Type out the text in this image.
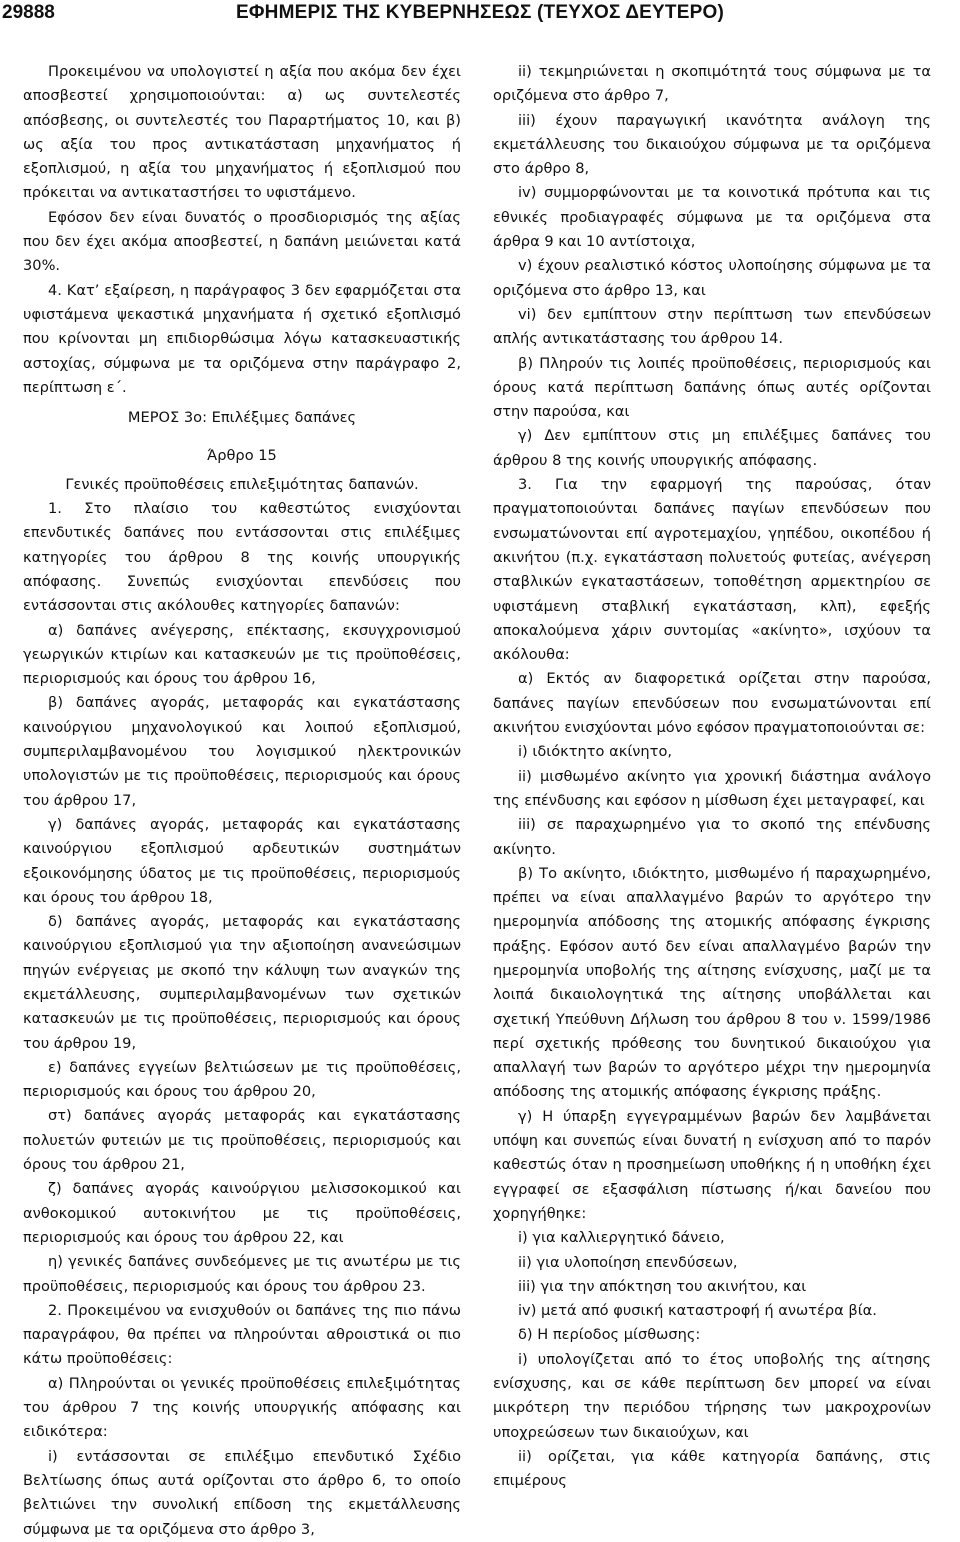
29888	ΕΦΗΜΕΡΙΣ ΤΗΣ ΚΥΒΕΡΝΗΣΕΩΣ (ΤΕΥΧΟΣ ΔΕΥΤΕΡΟ)

Προκειμένου να υπολογιστεί η αξία που ακόμα δεν έχει αποσβεστεί χρησιμοποιούνται: α) ως συντελεστές απόσβεσης, οι συντελεστές του Παραρτήματος 10, και β) ως αξία του προς αντικατάσταση μηχανήματος ή εξοπλισμού, η αξία του μηχανήματος ή εξοπλισμού που πρόκειται να αντικαταστήσει το υφιστάμενο.

Εφόσον δεν είναι δυνατός ο προσδιορισμός της αξίας που δεν έχει ακόμα αποσβεστεί, η δαπάνη μειώνεται κατά 30%.

4. Κατ’ εξαίρεση, η παράγραφος 3 δεν εφαρμόζεται στα υφιστάμενα ψεκαστικά μηχανήματα ή σχετικό εξοπλισμό που κρίνονται μη επιδιορθώσιμα λόγω κατασκευαστικής αστοχίας, σύμφωνα με τα οριζόμενα στην παράγραφο 2, περίπτωση ε΄.

ΜΕΡΟΣ 3ο: Επιλέξιμες δαπάνες

Άρθρο 15

Γενικές προϋποθέσεις επιλεξιμότητας δαπανών.

1. Στο πλαίσιο του καθεστώτος ενισχύονται επενδυτικές δαπάνες που εντάσσονται στις επιλέξιμες κατηγορίες του άρθρου 8 της κοινής υπουργικής απόφασης. Συνεπώς ενισχύονται επενδύσεις που εντάσσονται στις ακόλουθες κατηγορίες δαπανών:

α) δαπάνες ανέγερσης, επέκτασης, εκσυγχρονισμού γεωργικών κτιρίων και κατασκευών με τις προϋποθέσεις, περιορισμούς και όρους του άρθρου 16,

β) δαπάνες αγοράς, μεταφοράς και εγκατάστασης καινούργιου μηχανολογικού και λοιπού εξοπλισμού, συμπεριλαμβανομένου του λογισμικού ηλεκτρονικών υπολογιστών με τις προϋποθέσεις, περιορισμούς και όρους του άρθρου 17,

γ) δαπάνες αγοράς, μεταφοράς και εγκατάστασης καινούργιου εξοπλισμού αρδευτικών συστημάτων εξοικονόμησης ύδατος με τις προϋποθέσεις, περιορισμούς και όρους του άρθρου 18,

δ) δαπάνες αγοράς, μεταφοράς και εγκατάστασης καινούργιου εξοπλισμού για την αξιοποίηση ανανεώσιμων πηγών ενέργειας με σκοπό την κάλυψη των αναγκών της εκμετάλλευσης, συμπεριλαμβανομένων των σχετικών κατασκευών με τις προϋποθέσεις, περιορισμούς και όρους του άρθρου 19,

ε) δαπάνες εγγείων βελτιώσεων με τις προϋποθέσεις, περιορισμούς και όρους του άρθρου 20,

στ) δαπάνες αγοράς μεταφοράς και εγκατάστασης πολυετών φυτειών με τις προϋποθέσεις, περιορισμούς και όρους του άρθρου 21,

ζ) δαπάνες αγοράς καινούργιου μελισσοκομικού και ανθοκομικού αυτοκινήτου με τις προϋποθέσεις, περιορισμούς και όρους του άρθρου 22, και

η) γενικές δαπάνες συνδεόμενες με τις ανωτέρω με τις προϋποθέσεις, περιορισμούς και όρους του άρθρου 23.

2. Προκειμένου να ενισχυθούν οι δαπάνες της πιο πάνω παραγράφου, θα πρέπει να πληρούνται αθροιστικά οι πιο κάτω προϋποθέσεις:

α) Πληρούνται οι γενικές προϋποθέσεις επιλεξιμότητας του άρθρου 7 της κοινής υπουργικής απόφασης και ειδικότερα:

i) εντάσσονται σε επιλέξιμο επενδυτικό Σχέδιο Βελτίωσης όπως αυτά ορίζονται στο άρθρο 6, το οποίο βελτιώνει την συνολική επίδοση της εκμετάλλευσης σύμφωνα με τα οριζόμενα στο άρθρο 3,

ii) τεκμηριώνεται η σκοπιμότητά τους σύμφωνα με τα οριζόμενα στο άρθρο 7,

iii) έχουν παραγωγική ικανότητα ανάλογη της εκμετάλλευσης του δικαιούχου σύμφωνα με τα οριζόμενα στο άρθρο 8,

iv) συμμορφώνονται με τα κοινοτικά πρότυπα και τις εθνικές προδιαγραφές σύμφωνα με τα οριζόμενα στα άρθρα 9 και 10 αντίστοιχα,

v) έχουν ρεαλιστικό κόστος υλοποίησης σύμφωνα με τα οριζόμενα στο άρθρο 13, και

vi) δεν εμπίπτουν στην περίπτωση των επενδύσεων απλής αντικατάστασης του άρθρου 14.

β) Πληρούν τις λοιπές προϋποθέσεις, περιορισμούς και όρους κατά περίπτωση δαπάνης όπως αυτές ορίζονται στην παρούσα, και

γ) Δεν εμπίπτουν στις μη επιλέξιμες δαπάνες του άρθρου 8 της κοινής υπουργικής απόφασης.

3. Για την εφαρμογή της παρούσας, όταν πραγματοποιούνται δαπάνες παγίων επενδύσεων που ενσωματώνονται επί αγροτεμαχίου, γηπέδου, οικοπέδου ή ακινήτου (π.χ. εγκατάσταση πολυετούς φυτείας, ανέγερση σταβλικών εγκαταστάσεων, τοποθέτηση αρμεκτηρίου σε υφιστάμενη σταβλική εγκατάσταση, κλπ), εφεξής αποκαλούμενα χάριν συντομίας «ακίνητο», ισχύουν τα ακόλουθα:

α) Εκτός αν διαφορετικά ορίζεται στην παρούσα, δαπάνες παγίων επενδύσεων που ενσωματώνονται επί ακινήτου ενισχύονται μόνο εφόσον πραγματοποιούνται σε:

i) ιδιόκτητο ακίνητο,

ii) μισθωμένο ακίνητο για χρονική διάστημα ανάλογο της επένδυσης και εφόσον η μίσθωση έχει μεταγραφεί, και

iii) σε παραχωρημένο για το σκοπό της επένδυσης ακίνητο.

β) Το ακίνητο, ιδιόκτητο, μισθωμένο ή παραχωρημένο, πρέπει να είναι απαλλαγμένο βαρών το αργότερο την ημερομηνία απόδοσης της ατομικής απόφασης έγκρισης πράξης. Εφόσον αυτό δεν είναι απαλλαγμένο βαρών την ημερομηνία υποβολής της αίτησης ενίσχυσης, μαζί με τα λοιπά δικαιολογητικά της αίτησης υποβάλλεται και σχετική Υπεύθυνη Δήλωση του άρθρου 8 του ν. 1599/1986 περί σχετικής πρόθεσης του δυνητικού δικαιούχου για απαλλαγή των βαρών το αργότερο μέχρι την ημερομηνία απόδοσης της ατομικής απόφασης έγκρισης πράξης.

γ) Η ύπαρξη εγγεγραμμένων βαρών δεν λαμβάνεται υπόψη και συνεπώς είναι δυνατή η ενίσχυση από το παρόν καθεστώς όταν η προσημείωση υποθήκης ή η υποθήκη έχει εγγραφεί σε εξασφάλιση πίστωσης ή/και δανείου που χορηγήθηκε:

i) για καλλιεργητικό δάνειο,

ii) για υλοποίηση επενδύσεων,

iii) για την απόκτηση του ακινήτου, και

iv) μετά από φυσική καταστροφή ή ανωτέρα βία.

δ) Η περίοδος μίσθωσης:

i) υπολογίζεται από το έτος υποβολής της αίτησης ενίσχυσης, και σε κάθε περίπτωση δεν μπορεί να είναι μικρότερη την περιόδου τήρησης των μακροχρονίων υποχρεώσεων των δικαιούχων, και

ii) ορίζεται, για κάθε κατηγορία δαπάνης, στις επιμέρους
